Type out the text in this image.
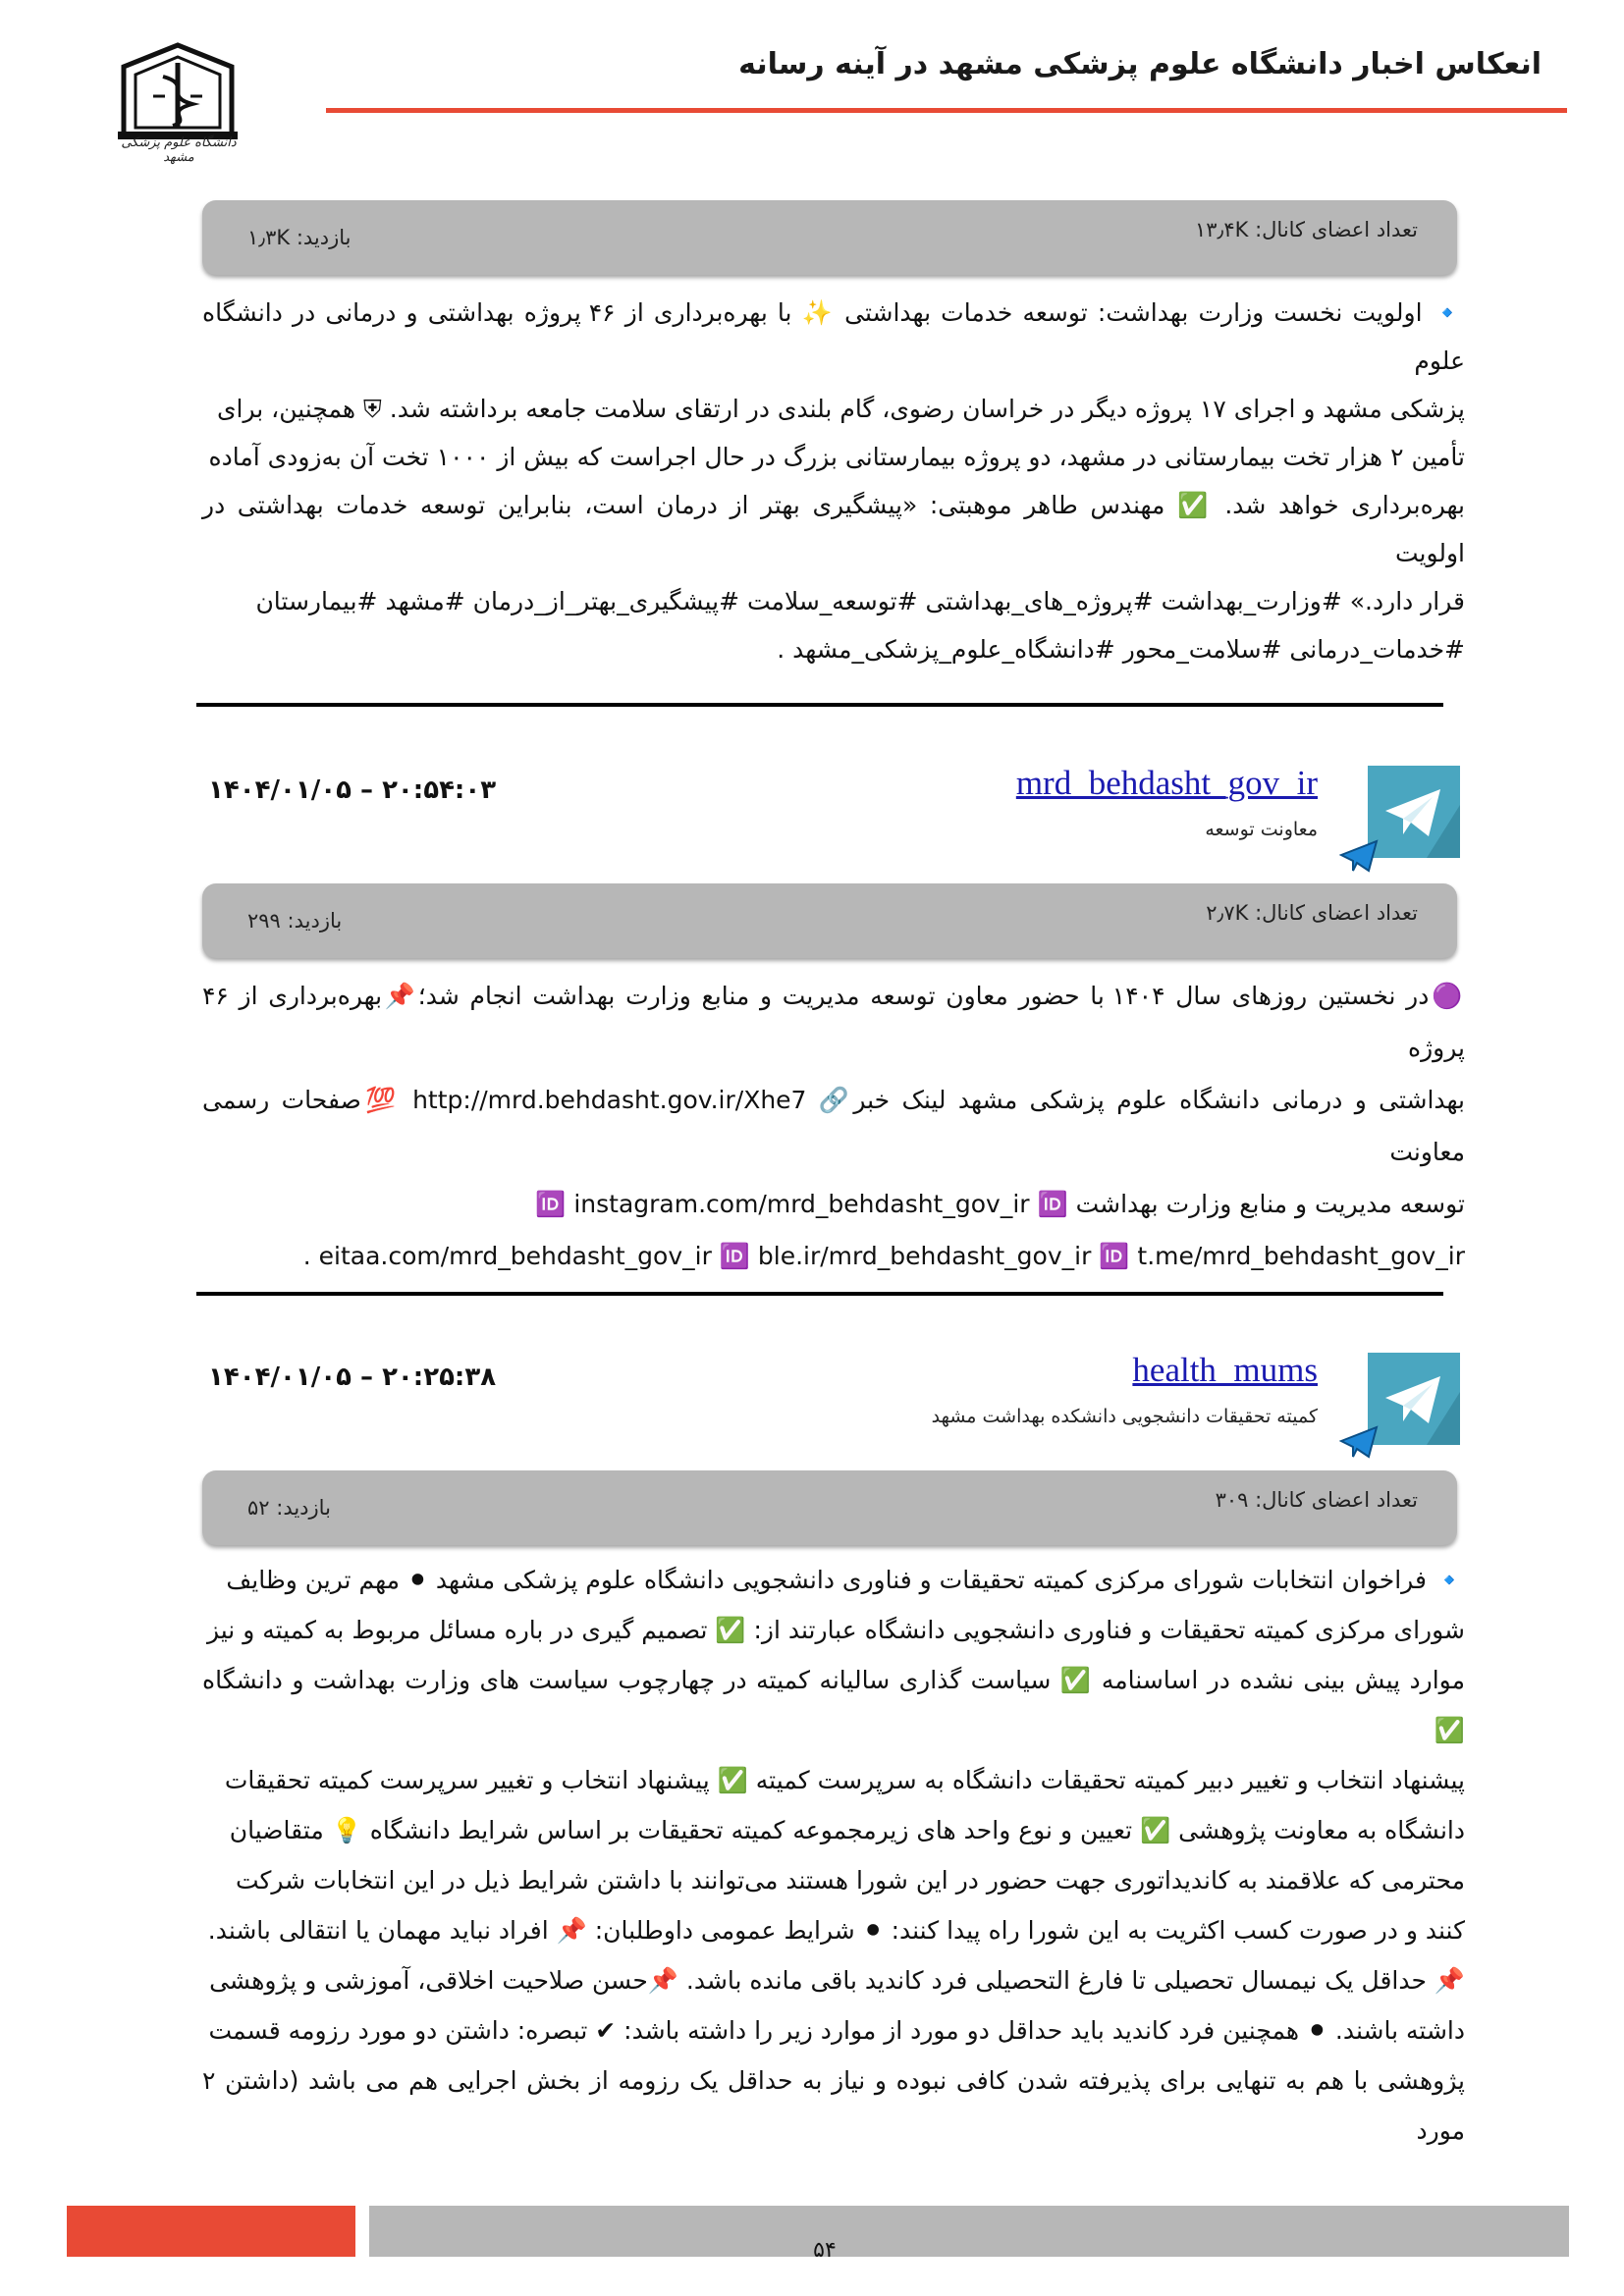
انعکاس اخبار دانشگاه علوم پزشکی مشهد در آینه رسانه
دانشگاه علوم پزشکی مشهد
تعداد اعضای کانال: ۱۳٫۴K
بازدید: ۱٫۳K
🔹 اولویت نخست وزارت بهداشت: توسعه خدمات بهداشتی ✨ با بهره‌برداری از ۴۶ پروژه بهداشتی و درمانی در دانشگاه علوم
پزشکی مشهد و اجرای ۱۷ پروژه دیگر در خراسان رضوی، گام بلندی در ارتقای سلامت جامعه برداشته شد. ⛨ همچنین، برای
تأمین ۲ هزار تخت بیمارستانی در مشهد، دو پروژه بیمارستانی بزرگ در حال اجراست که بیش از ۱۰۰۰ تخت آن به‌زودی آماده
بهره‌برداری خواهد شد. ✅ مهندس طاهر موهبتی: «پیشگیری بهتر از درمان است، بنابراین توسعه خدمات بهداشتی در اولویت
قرار دارد.» #وزارت_بهداشت #پروژه_های_بهداشتی #توسعه_سلامت #پیشگیری_بهتر_از_درمان #مشهد #بیمارستان
#خدمات_درمانی #سلامت_محور #دانشگاه_علوم_پزشکی_مشهد .
mrd_behdasht_gov_ir
معاونت توسعه
۲۰:۵۴:۰۳ – ۱۴۰۴/۰۱/۰۵
تعداد اعضای کانال: ۲٫۷K
بازدید: ۲۹۹
🟣در نخستین روزهای سال ۱۴۰۴ با حضور معاون توسعه مدیریت و منابع وزارت بهداشت انجام شد؛📌بهره‌برداری از ۴۶ پروژه
بهداشتی و درمانی دانشگاه علوم پزشکی مشهد لینک خبر🔗 http://mrd.behdasht.gov.ir/Xhe7 💯صفحات رسمی معاونت
توسعه مدیریت و منابع وزارت بهداشت 🆔 instagram.com/mrd_behdasht_gov_ir 🆔
eitaa.com/mrd_behdasht_gov_ir 🆔 ble.ir/mrd_behdasht_gov_ir 🆔 t.me/mrd_behdasht_gov_ir .
health_mums
کمیته تحقیقات دانشجویی دانشکده بهداشت مشهد
۲۰:۲۵:۳۸ – ۱۴۰۴/۰۱/۰۵
تعداد اعضای کانال: ۳۰۹
بازدید: ۵۲
🔹 فراخوان انتخابات شورای مرکزی کمیته تحقیقات و فناوری دانشجویی دانشگاه علوم پزشکی مشهد ⚫ مهم ترین وظایف
شورای مرکزی کمیته تحقیقات و فناوری دانشجویی دانشگاه عبارتند از: ✅ تصمیم گیری در باره مسائل مربوط به کمیته و نیز
موارد پیش بینی نشده در اساسنامه ✅ سیاست گذاری سالیانه کمیته در چهارچوب سیاست های وزارت بهداشت و دانشگاه ✅
پیشنهاد انتخاب و تغییر دبیر کمیته تحقیقات دانشگاه به سرپرست کمیته ✅ پیشنهاد انتخاب و تغییر سرپرست کمیته تحقیقات
دانشگاه به معاونت پژوهشی ✅ تعیین و نوع واحد های زیرمجموعه کمیته تحقیقات بر اساس شرایط دانشگاه 💡 متقاضیان
محترمی که علاقمند به کاندیداتوری جهت حضور در این شورا هستند می‌توانند با داشتن شرایط ذیل در این انتخابات شرکت
کنند و در صورت کسب اکثریت به این شورا راه پیدا کنند: ⚫ شرایط عمومی داوطلبان: 📌 افراد نباید مهمان یا انتقالی باشند.
📌 حداقل یک نیمسال تحصیلی تا فارغ التحصیلی فرد کاندید باقی مانده باشد. 📌حسن صلاحیت اخلاقی، آموزشی و پژوهشی
داشته باشند. ⚫ همچنین فرد کاندید باید حداقل دو مورد از موارد زیر را داشته باشد: ✔ تبصره: داشتن دو مورد رزومه قسمت
پژوهشی با هم به تنهایی برای پذیرفته شدن کافی نبوده و نیاز به حداقل یک رزومه از بخش اجرایی هم می باشد (داشتن ۲ مورد
۵۴
